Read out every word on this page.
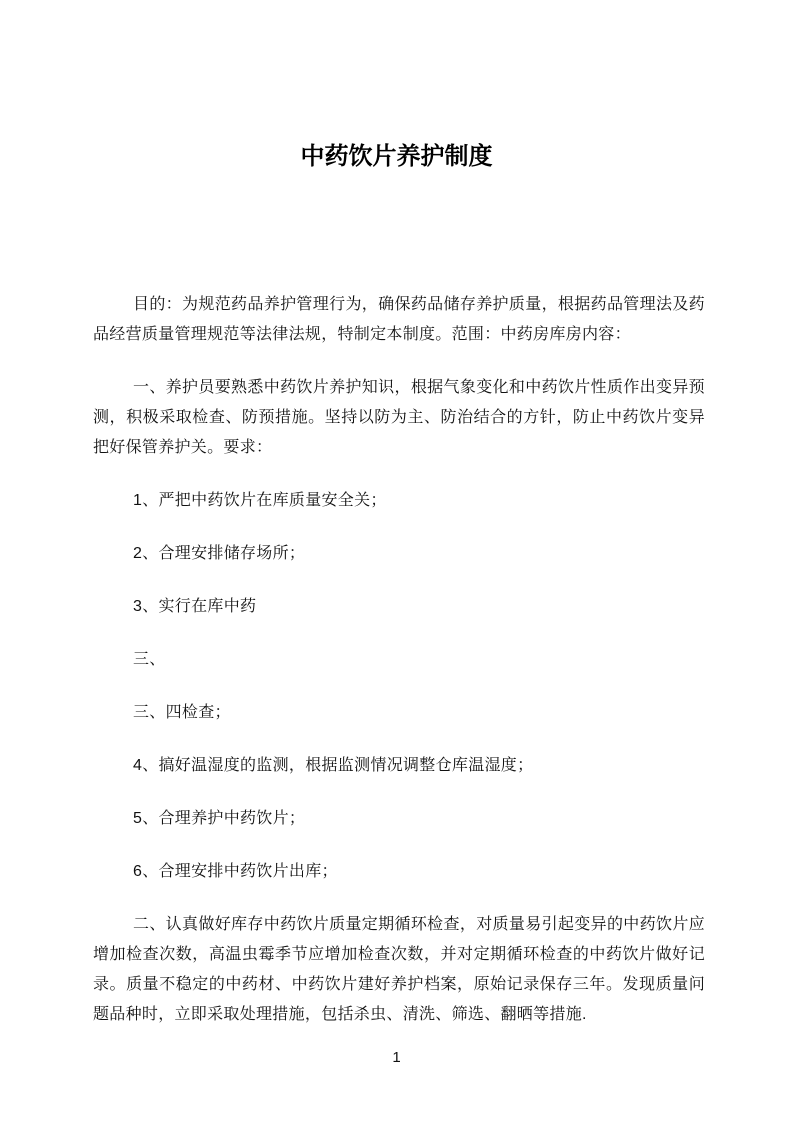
中药饮片养护制度

目的：为规范药品养护管理行为，确保药品储存养护质量，根据药品管理法及药品经营质量管理规范等法律法规，特制定本制度。范围：中药房库房内容：

一、养护员要熟悉中药饮片养护知识，根据气象变化和中药饮片性质作出变异预测，积极采取检查、防预措施。坚持以防为主、防治结合的方针，防止中药饮片变异把好保管养护关。要求：

1、严把中药饮片在库质量安全关；

2、合理安排储存场所；

3、实行在库中药

三、

三、四检查；

4、搞好温湿度的监测，根据监测情况调整仓库温湿度；

5、合理养护中药饮片；

6、合理安排中药饮片出库；

二、认真做好库存中药饮片质量定期循环检查，对质量易引起变异的中药饮片应增加检查次数，高温虫霉季节应增加检查次数，并对定期循环检查的中药饮片做好记录。质量不稳定的中药材、中药饮片建好养护档案，原始记录保存三年。发现质量问题品种时，立即采取处理措施，包括杀虫、清洗、筛选、翻晒等措施.

1
